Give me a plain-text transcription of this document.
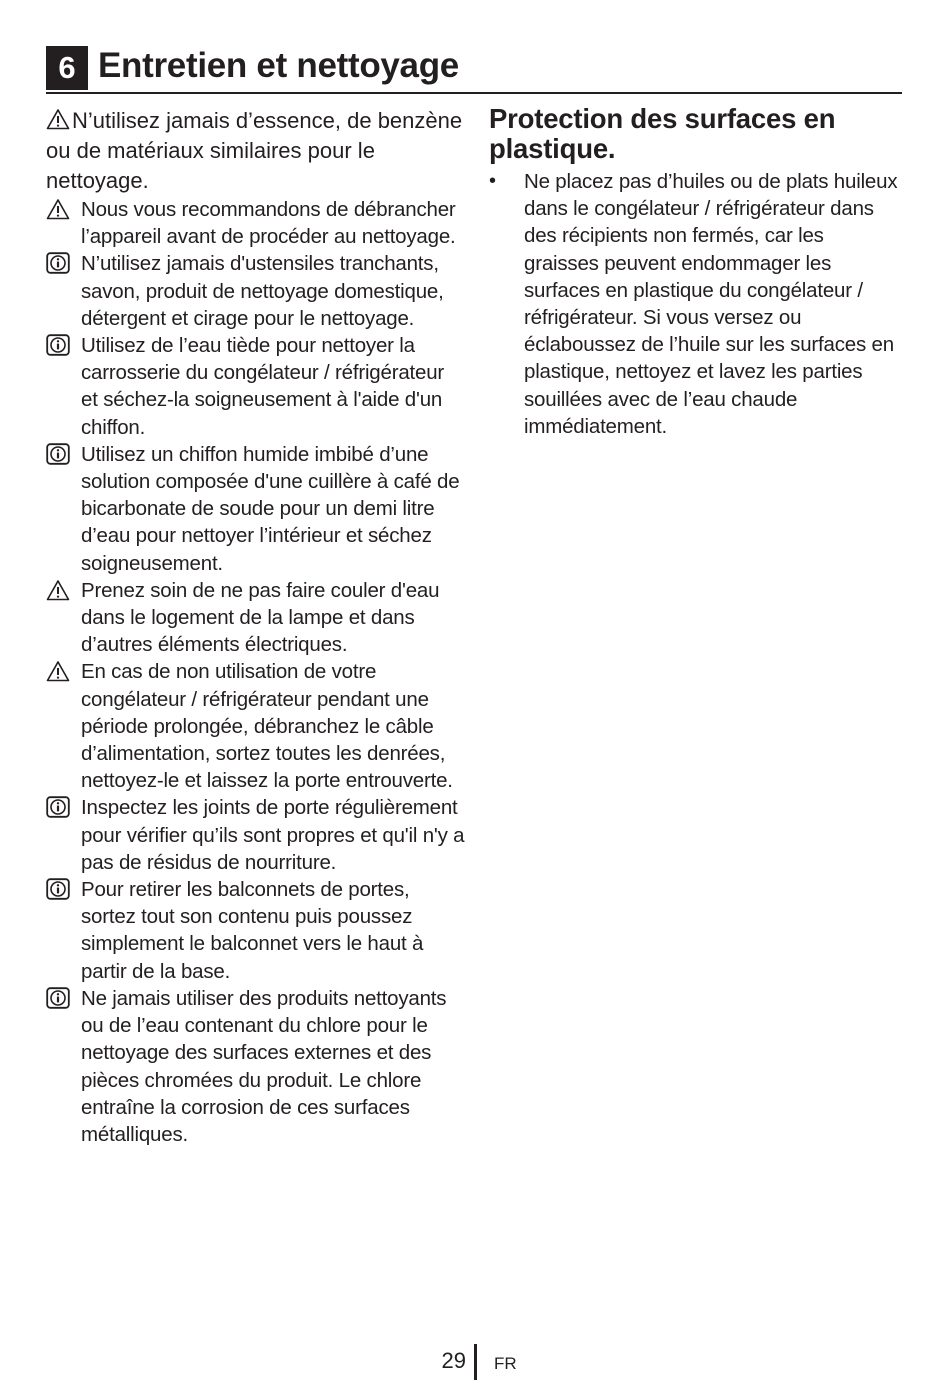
6 Entretien et nettoyage
N’utilisez jamais d’essence, de benzène ou de matériaux similaires pour le nettoyage.
Nous vous recommandons de débrancher l’appareil avant de procéder au nettoyage.
N’utilisez jamais d'ustensiles tranchants, savon, produit de nettoyage domestique, détergent et cirage pour le nettoyage.
Utilisez de l’eau tiède pour nettoyer la carrosserie du congélateur / réfrigérateur et séchez-la soigneusement à l'aide d'un chiffon.
Utilisez un chiffon humide imbibé d’une solution composée d'une cuillère à café de bicarbonate de soude pour un demi litre d’eau pour nettoyer l’intérieur et séchez soigneusement.
Prenez soin de ne pas faire couler d'eau dans le logement de la lampe et dans d’autres éléments électriques.
En cas de non utilisation de votre congélateur / réfrigérateur pendant une période prolongée, débranchez le câble d’alimentation, sortez toutes les denrées, nettoyez-le et laissez la porte entrouverte.
Inspectez les joints de porte régulièrement pour vérifier qu’ils sont propres et qu'il n'y a pas de résidus de nourriture.
Pour retirer les balconnets de portes, sortez tout son contenu puis poussez simplement le balconnet vers le haut à partir de la base.
Ne jamais utiliser des produits nettoyants ou de l’eau contenant du chlore pour le nettoyage des surfaces externes et des pièces chromées du produit. Le chlore entraîne la corrosion de ces surfaces métalliques.
Protection des surfaces en plastique.
• Ne placez pas d’huiles ou de plats huileux dans le congélateur / réfrigérateur dans des récipients non fermés, car les graisses peuvent endommager les surfaces en plastique du congélateur / réfrigérateur. Si vous versez ou éclaboussez de l’huile sur les surfaces en plastique, nettoyez et lavez les parties souillées avec de l’eau chaude immédiatement.
29 FR
